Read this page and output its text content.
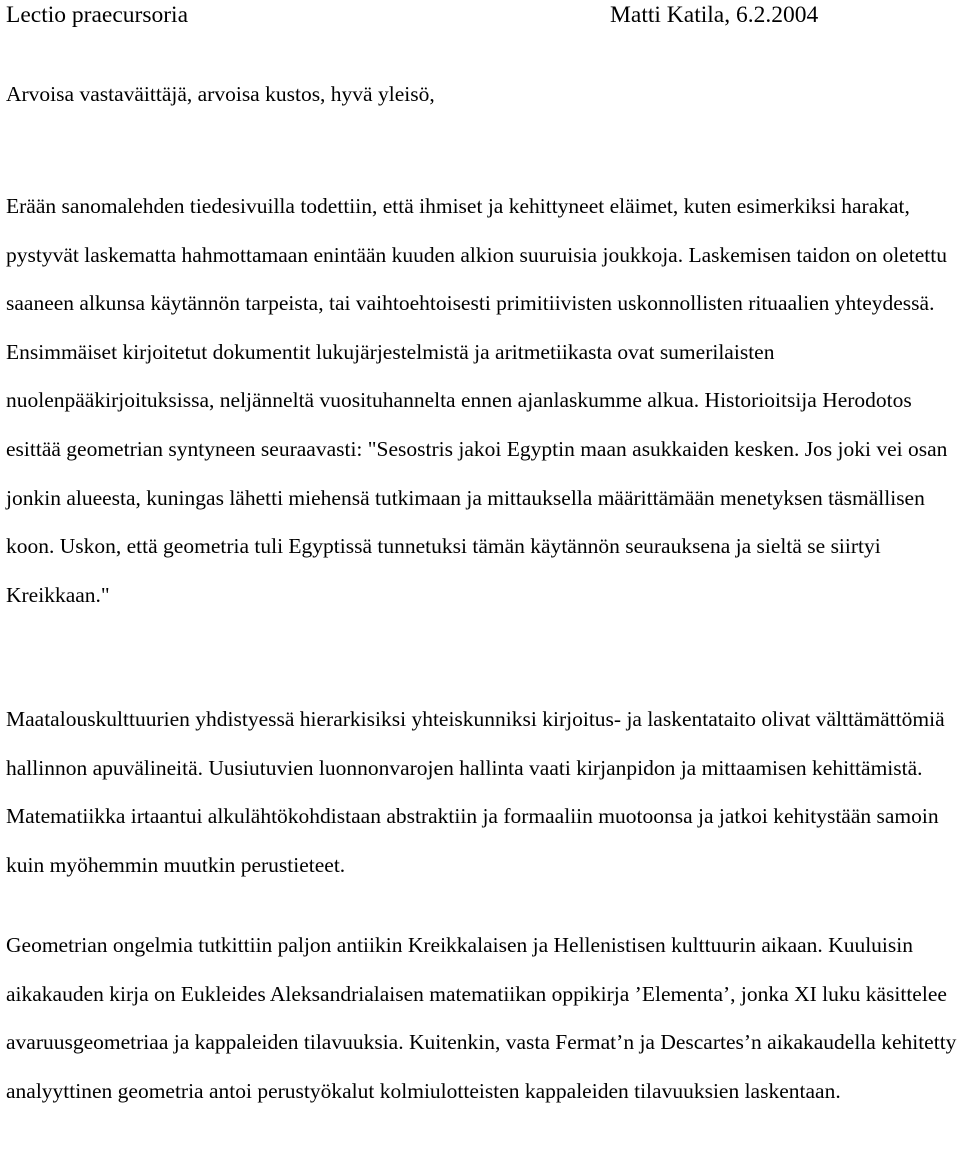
Lectio praecursoria	Matti Katila, 6.2.2004
Arvoisa vastaväittäjä, arvoisa kustos, hyvä yleisö,

Erään sanomalehden tiedesivuilla todettiin, että ihmiset ja kehittyneet eläimet, kuten esimerkiksi harakat, pystyvät laskematta hahmottamaan enintään kuuden alkion suuruisia joukkoja. Laskemisen taidon on oletettu saaneen alkunsa käytännön tarpeista, tai vaihtoehtoisesti primitiivisten uskonnollisten rituaalien yhteydessä. Ensimmäiset kirjoitetut dokumentit lukujärjestelmistä ja aritmetiikasta ovat sumerilaisten nuolenpääkirjoituksissa, neljänneltä vuosituhannelta ennen ajanlaskumme alkua. Historioitsija Herodotos esittää geometrian syntyneen seuraavasti: "Sesostris jakoi Egyptin maan asukkaiden kesken. Jos joki vei osan jonkin alueesta, kuningas lähetti miehensä tutkimaan ja mittauksella määrittämään menetyksen täsmällisen koon. Uskon, että geometria tuli Egyptissä tunnetuksi tämän käytännön seurauksena ja sieltä se siirtyi Kreikkaan."

Maatalouskulttuurien yhdistyessä hierarkisiksi yhteiskunniksi kirjoitus- ja laskentataito olivat välttämättömiä hallinnon apuvälineitä. Uusiutuvien luonnonvarojen hallinta vaati kirjanpidon ja mittaamisen kehittämistä. Matematiikka irtaantui alkulähtökohdistaan abstraktiin ja formaaliin muotoonsa ja jatkoi kehitystään samoin kuin myöhemmin muutkin perustieteet.

Geometrian ongelmia tutkittiin paljon antiikin Kreikkalaisen ja Hellenistisen kulttuurin aikaan. Kuuluisin aikakauden kirja on Eukleides Aleksandrialaisen matematiikan oppikirja ’Elementa’, jonka XI luku käsittelee avaruusgeometriaa ja kappaleiden tilavuuksia. Kuitenkin, vasta Fermat’n ja Descartes’n aikakaudella kehitetty analyyttinen geometria antoi perustyökalut kolmiulotteisten kappaleiden tilavuuksien laskentaan.
